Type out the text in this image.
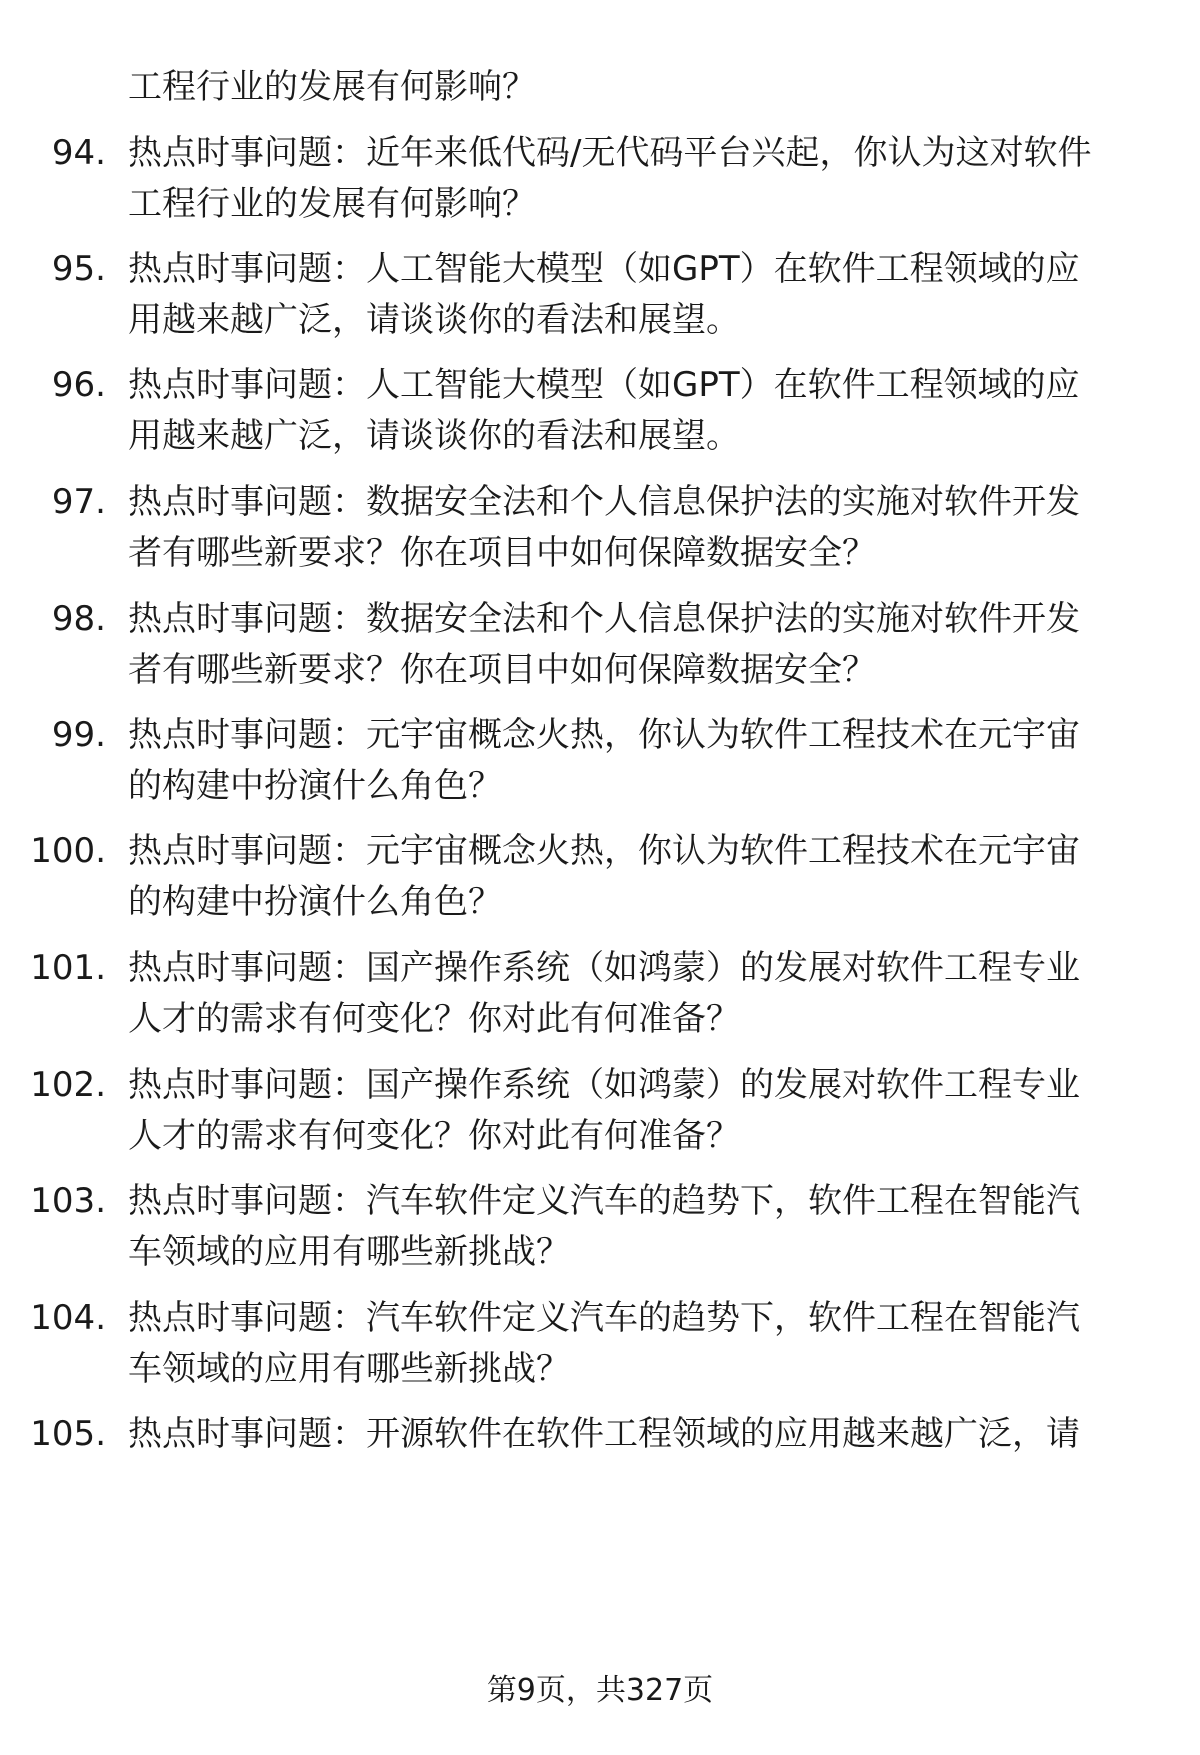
工程行业的发展有何影响？
94. 热点时事问题：近年来低代码/无代码平台兴起，你认为这对软件
工程行业的发展有何影响？
95. 热点时事问题：人工智能大模型（如GPT）在软件工程领域的应
用越来越广泛，请谈谈你的看法和展望。
96. 热点时事问题：人工智能大模型（如GPT）在软件工程领域的应
用越来越广泛，请谈谈你的看法和展望。
97. 热点时事问题：数据安全法和个人信息保护法的实施对软件开发
者有哪些新要求？你在项目中如何保障数据安全？
98. 热点时事问题：数据安全法和个人信息保护法的实施对软件开发
者有哪些新要求？你在项目中如何保障数据安全？
99. 热点时事问题：元宇宙概念火热，你认为软件工程技术在元宇宙
的构建中扮演什么角色？
100. 热点时事问题：元宇宙概念火热，你认为软件工程技术在元宇宙
的构建中扮演什么角色？
101. 热点时事问题：国产操作系统（如鸿蒙）的发展对软件工程专业
人才的需求有何变化？你对此有何准备？
102. 热点时事问题：国产操作系统（如鸿蒙）的发展对软件工程专业
人才的需求有何变化？你对此有何准备？
103. 热点时事问题：汽车软件定义汽车的趋势下，软件工程在智能汽
车领域的应用有哪些新挑战？
104. 热点时事问题：汽车软件定义汽车的趋势下，软件工程在智能汽
车领域的应用有哪些新挑战？
105. 热点时事问题：开源软件在软件工程领域的应用越来越广泛，请
第9页，共327页
